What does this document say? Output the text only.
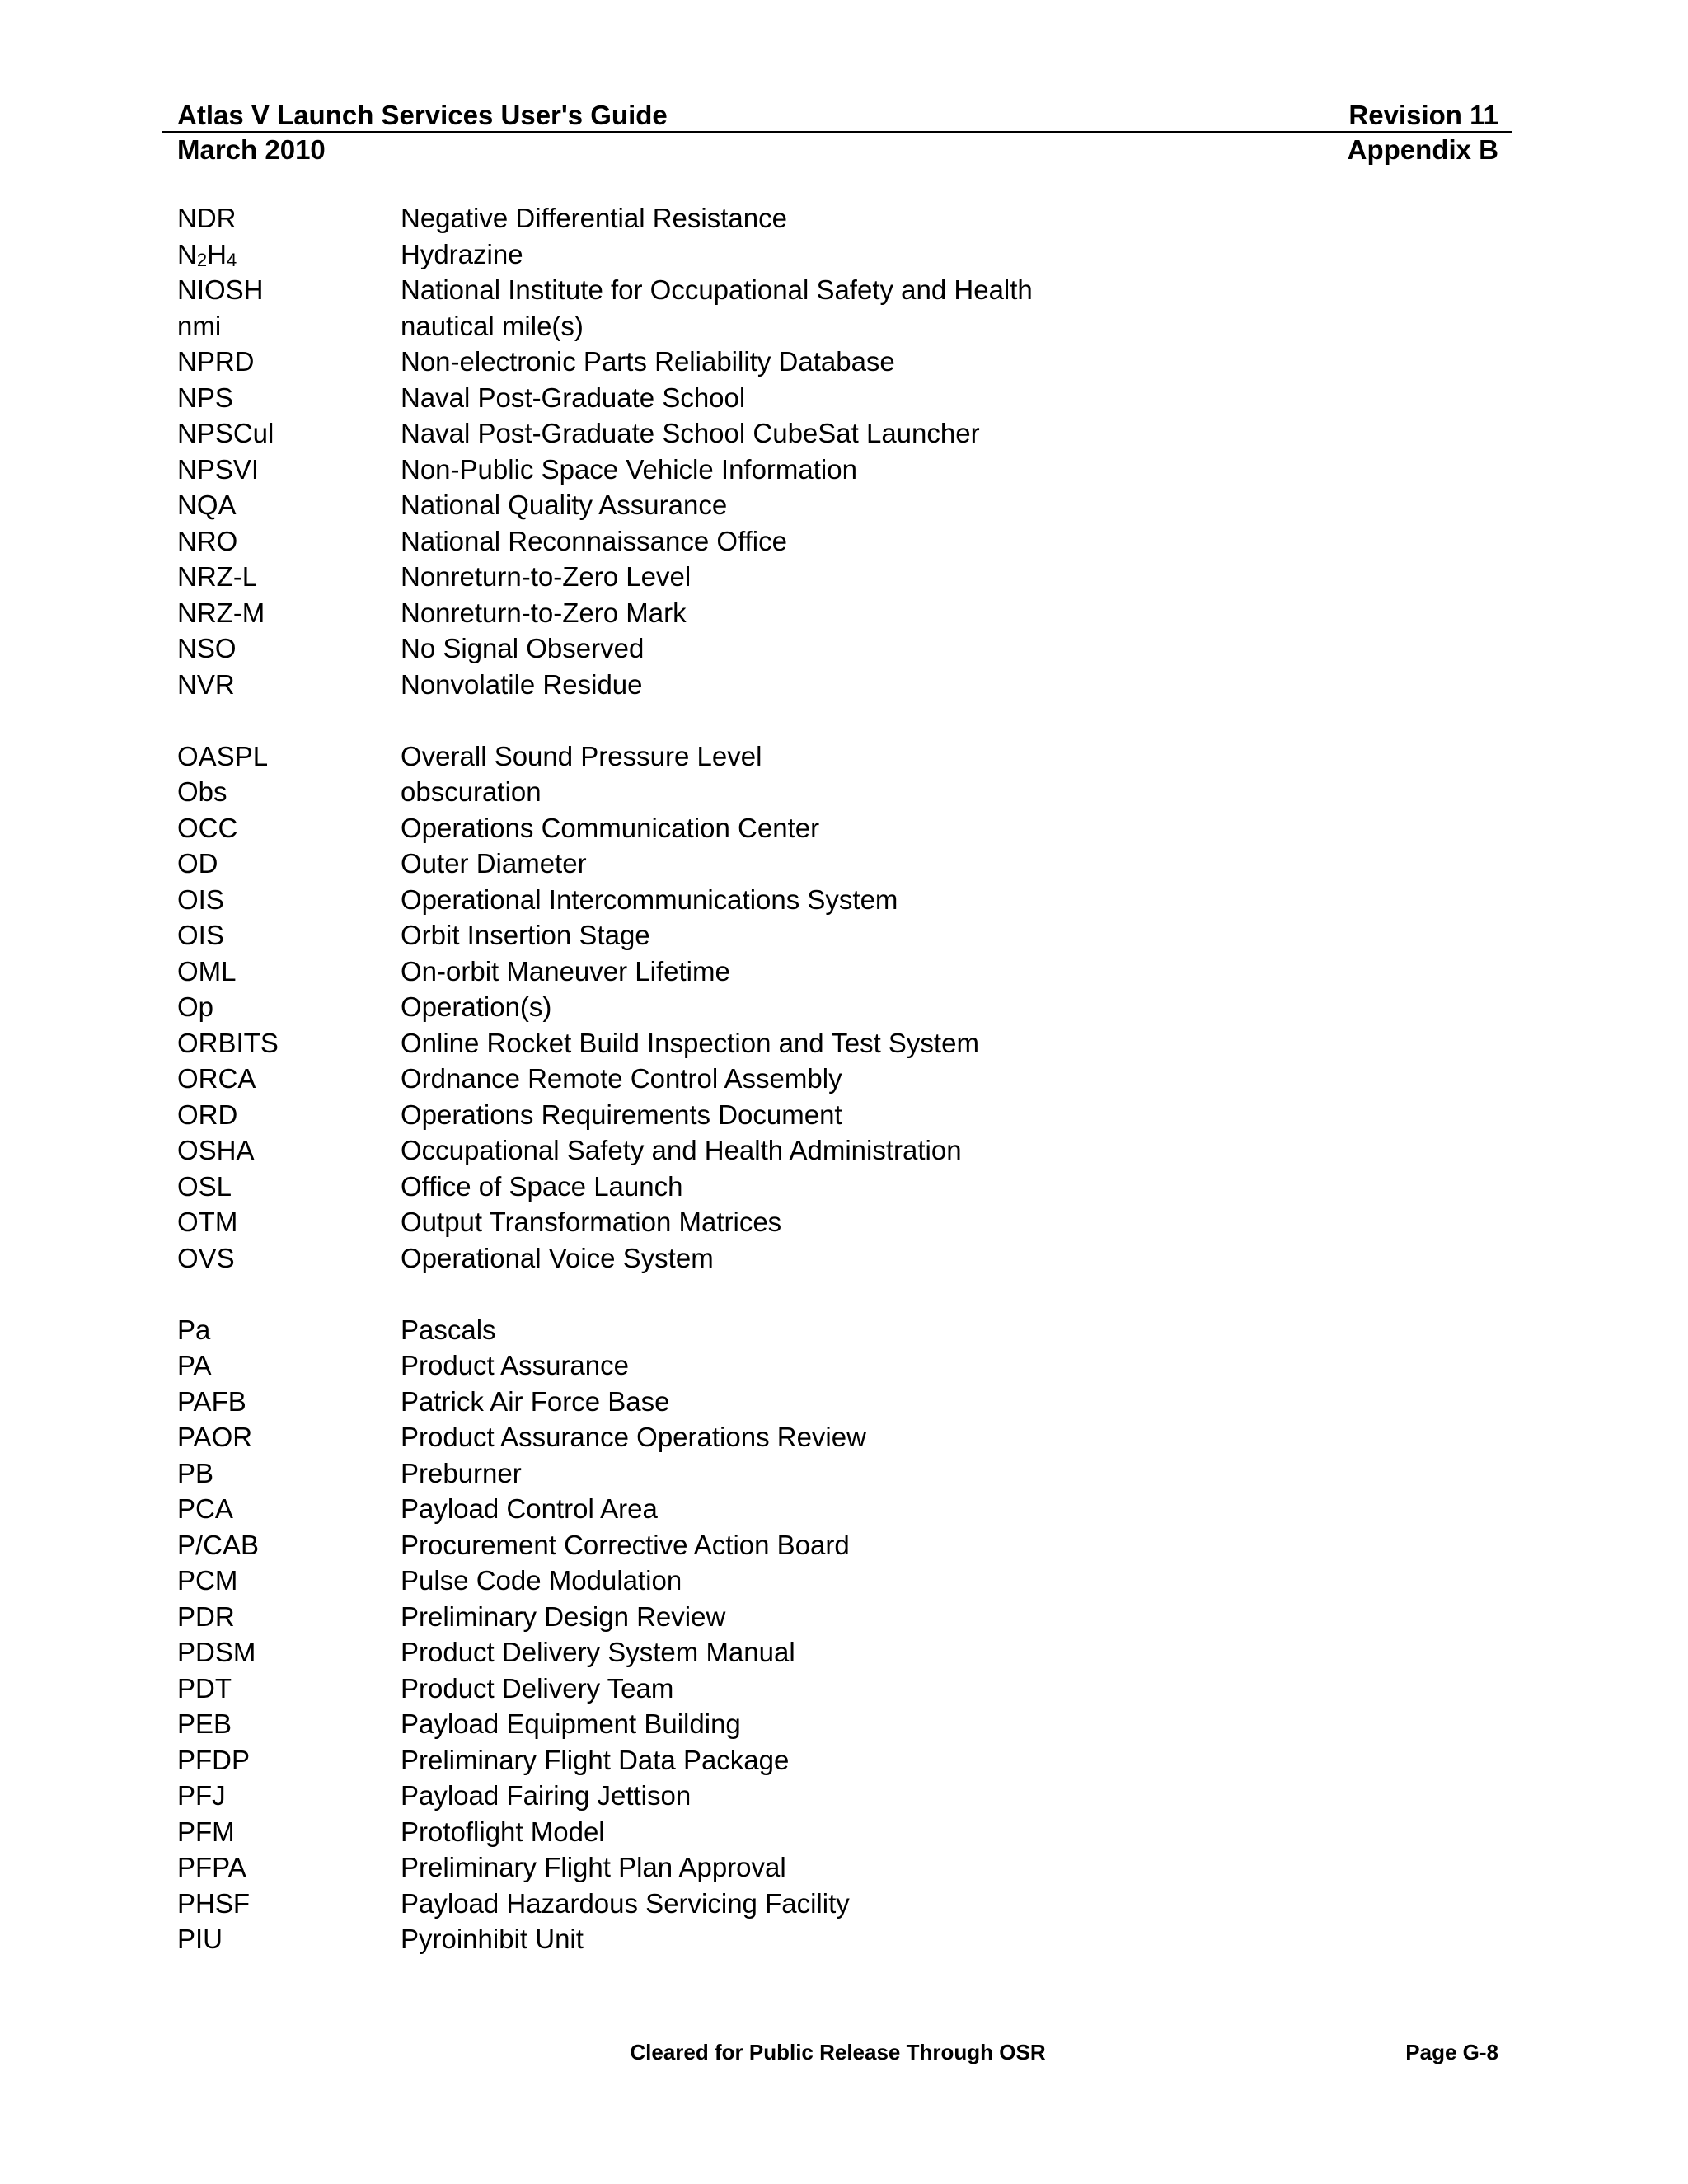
Atlas V Launch Services User's Guide	Revision 11
March 2010	Appendix B
NDR	Negative Differential Resistance
$N_2H_4$	Hydrazine
NIOSH	National Institute for Occupational Safety and Health
nmi	nautical mile(s)
NPRD	Non-electronic Parts Reliability Database
NPS	Naval Post-Graduate School
NPSCul	Naval Post-Graduate School CubeSat Launcher
NPSVI	Non-Public Space Vehicle Information
NQA	National Quality Assurance
NRO	National Reconnaissance Office
NRZ-L	Nonreturn-to-Zero Level
NRZ-M	Nonreturn-to-Zero Mark
NSO	No Signal Observed
NVR	Nonvolatile Residue
OASPL	Overall Sound Pressure Level
Obs	obscuration
OCC	Operations Communication Center
OD	Outer Diameter
OIS	Operational Intercommunications System
OIS	Orbit Insertion Stage
OML	On-orbit Maneuver Lifetime
Op	Operation(s)
ORBITS	Online Rocket Build Inspection and Test System
ORCA	Ordnance Remote Control Assembly
ORD	Operations Requirements Document
OSHA	Occupational Safety and Health Administration
OSL	Office of Space Launch
OTM	Output Transformation Matrices
OVS	Operational Voice System
Pa	Pascals
PA	Product Assurance
PAFB	Patrick Air Force Base
PAOR	Product Assurance Operations Review
PB	Preburner
PCA	Payload Control Area
P/CAB	Procurement Corrective Action Board
PCM	Pulse Code Modulation
PDR	Preliminary Design Review
PDSM	Product Delivery System Manual
PDT	Product Delivery Team
PEB	Payload Equipment Building
PFDP	Preliminary Flight Data Package
PFJ	Payload Fairing Jettison
PFM	Protoflight Model
PFPA	Preliminary Flight Plan Approval
PHSF	Payload Hazardous Servicing Facility
PIU	Pyroinhibit Unit
Cleared for Public Release Through OSR	Page G-8
